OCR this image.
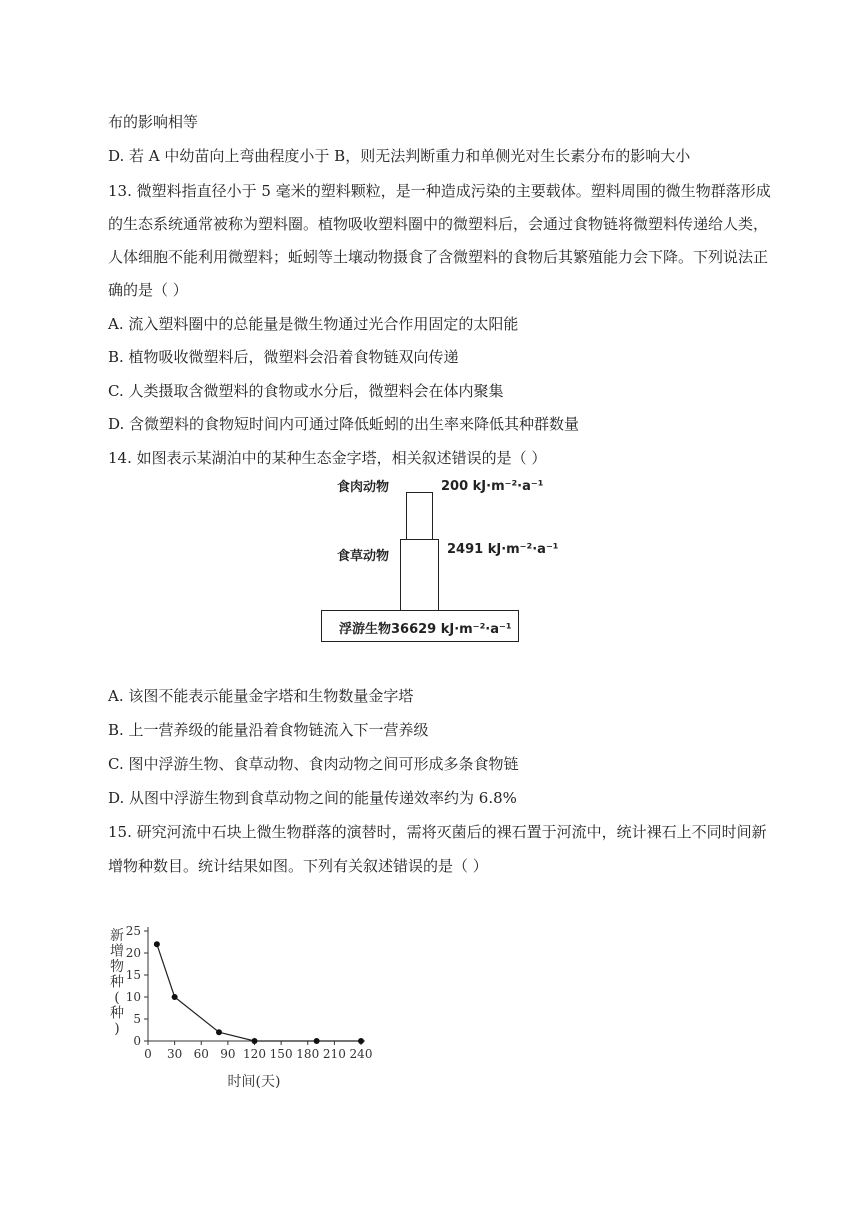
布的影响相等
D. 若 A 中幼苗向上弯曲程度小于 B，则无法判断重力和单侧光对生长素分布的影响大小
13. 微塑料指直径小于 5 毫米的塑料颗粒，是一种造成污染的主要载体。塑料周围的微生物群落形成
的生态系统通常被称为塑料圈。植物吸收塑料圈中的微塑料后，会通过食物链将微塑料传递给人类，
人体细胞不能利用微塑料；蚯蚓等土壤动物摄食了含微塑料的食物后其繁殖能力会下降。下列说法正
确的是（ ）
A. 流入塑料圈中的总能量是微生物通过光合作用固定的太阳能
B. 植物吸收微塑料后，微塑料会沿着食物链双向传递
C. 人类摄取含微塑料的食物或水分后，微塑料会在体内聚集
D. 含微塑料的食物短时间内可通过降低蚯蚓的出生率来降低其种群数量
14. 如图表示某湖泊中的某种生态金字塔，相关叙述错误的是（ ）
食肉动物	200 kJ·m⁻²·a⁻¹
食草动物	2491 kJ·m⁻²·a⁻¹
浮游生物36629 kJ·m⁻²·a⁻¹
A. 该图不能表示能量金字塔和生物数量金字塔
B. 上一营养级的能量沿着食物链流入下一营养级
C. 图中浮游生物、食草动物、食肉动物之间可形成多条食物链
D. 从图中浮游生物到食草动物之间的能量传递效率约为 6.8%
15. 研究河流中石块上微生物群落的演替时，需将灭菌后的裸石置于河流中，统计裸石上不同时间新
增物种数目。统计结果如图。下列有关叙述错误的是（ ）
0 30 60 90 120 150 180 210 240
0
5
10
15
20
25
时间(天)
新
增
物
种
(
种
)
